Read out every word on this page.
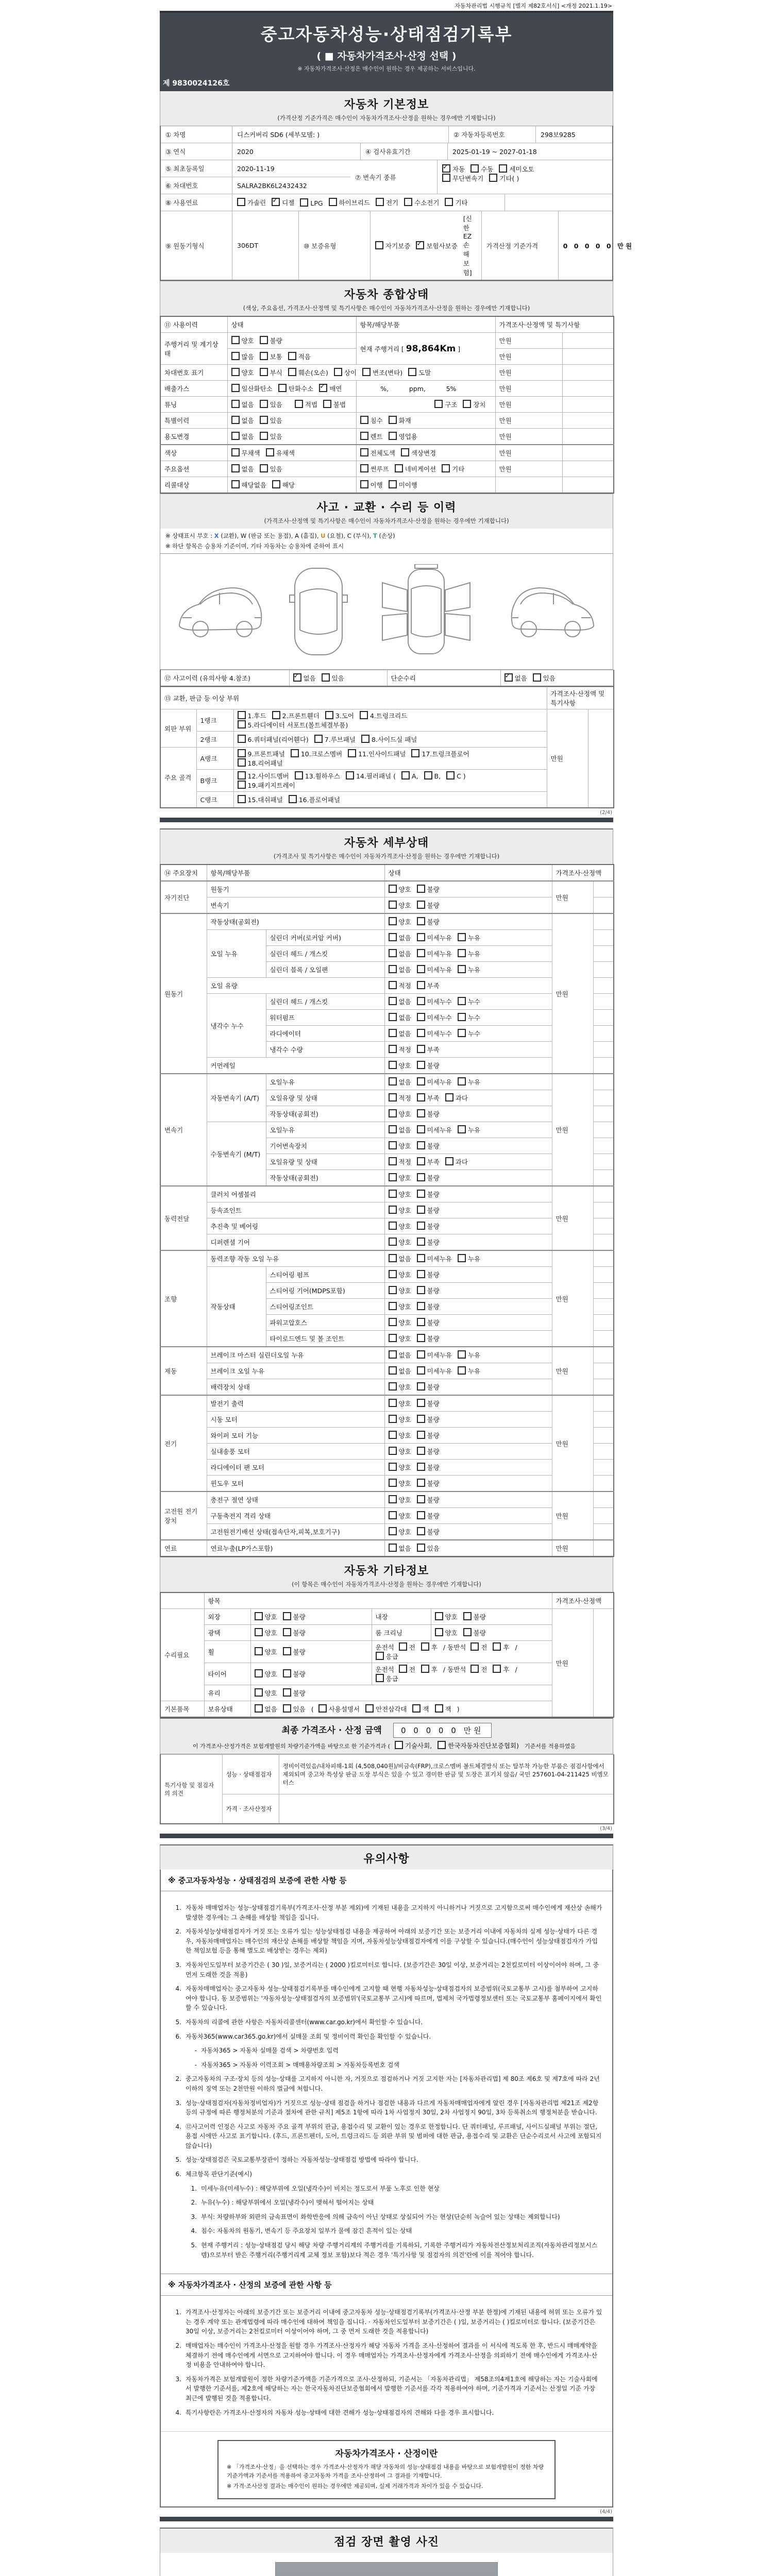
자동차관리법 시행규칙 [별지 제82호서식] <개정 2021.1.19>
중고자동차성능·상태점검기록부
( ■ 자동차가격조사·산정 선택 )
※ 자동차가격조사·산정은 매수인이 원하는 경우 제공하는 서비스입니다.
제 9830024126호
자동차 기본정보
(가격산정 기준가격은 매수인이 자동차가격조사·산정을 원하는 경우에만 기재합니다)
① 차명	디스커버리 SD6 (세부모델: )	② 자동차등록번호	298보9285
③ 연식	2020	④ 검사유효기간	2025-01-19 ~ 2027-01-18
⑤ 최초등록일	2020-11-19
⑥ 차대번호	SALRA2BK6L2432432
⑦ 변속기 종류
✓자동 수동 세미오토
무단변속기 기타( )
⑧ 사용연료	가솔린 ✓	디젤	LPG	하이브리드	전기	수소전기	기타
⑨ 원동기형식	306DT	⑩ 보증유형	자기보증 ✓	보험사보증
[신한EZ손해보험]
가격산정 기준가격	0 0 0 0 0 만원
자동차 종합상태
(색상, 주요옵션, 가격조사·산정액 및 특기사항은 매수인이 자동차가격조사·산정을 원하는 경우에만 기재합니다)
⑪ 사용이력	상태	항목/해당부품	가격조사·산정액 및 특기사항	
주행거리 및 계기상태	양호 불량	현재 주행거리 [ 98,864Km ]	만원	
	많음 보통 적음		만원	
차대번호 표기	양호 부식 훼손(오손) 상이 변조(변타) 도말		만원	
배출가스	일산화탄소 탄화수소 ✓ 매연	%,          ppm,          5%	만원	
튜닝	없음 있음 적법 불법	구조 장치	만원	
특별이력	없음 있음	침수 화재	만원	
용도변경	없음 있음	렌트 영업용	만원	
색상	무채색 유채색	전체도색 색상변경	만원	
주요옵션	없음 있음	썬루프 네비게이션 기타	만원	
리콜대상	해당없음 해당	이행 미이행		
사고 · 교환 · 수리 등 이력
(가격조사·산정액 및 특기사항은 매수인이 자동차가격조사·산정을 원하는 경우에만 기재합니다)
※ 상태표시 부호 : X (교환), W (판금 또는 용접), A (흠집), U (요철), C (부식), T (손상)
※ 하단 항목은 승용차 기준이며, 기타 자동차는 승용차에 준하여 표시
⑫ 사고이력 (유의사항 4.참조)	✓없음 있음	단순수리	✓없음 있음
⑬ 교환, 판금 등 이상 부위			가격조사·산정액 및 특기사항	
외판 부위	1랭크	1.후드 2.프론트휀더 3.도어 4.트렁크리드
5.라디에이터 서포트(볼트체결부품)	만원	
	2랭크	6.쿼터패널(리어휀다) 7.루브패널 8.사이드실 패널		
주요 골격	A랭크	9.프론트패널 10.크로스멤버 11.인사이드패널 17.트렁크플로어
18.리어패널		
	B랭크	12.사이드멤버 13.휠하우스 14.필러패널 ( A, B, C )
19.패키지트레이		
	C랭크	15.대쉬패널 16.플로어패널		
(2/4)
자동차 세부상태
(가격조사 및 특기사항은 매수인이 자동차가격조사·산정을 원하는 경우에만 기재합니다)
⑭ 주요장치	항목/해당부품		상태	가격조사·산정액	
자기진단	원동기		양호 불량	만원	
	변속기		양호 불량		
원동기	작동상태(공회전)		양호 불량	만원	
	오일 누유	실린더 커버(로커암 커버)	없음 미세누유 누유		
		실린더 헤드 / 개스킷	없음 미세누유 누유		
		실린더 블록 / 오일팬	없음 미세누유 누유		
	오일 유량		적정 부족		
	냉각수 누수	실린더 헤드 / 개스킷	없음 미세누수 누수		
		워터펌프	없음 미세누수 누수		
		라디에이터	없음 미세누수 누수		
		냉각수 수량	적정 부족		
	커먼레일		양호 불량		
변속기	자동변속기 (A/T)	오일누유	없음 미세누유 누유	만원	
		오일유량 및 상태	적정 부족 과다		
		작동상태(공회전)	양호 불량		
	수동변속기 (M/T)	오일누유	없음 미세누유 누유		
		기어변속장치	양호 불량		
		오일유량 및 상태	적정 부족 과다		
		작동상태(공회전)	양호 불량		
동력전달	클러치 어셈블리		양호 불량	만원	
	등속죠인트		양호 불량		
	추진축 및 베어링		양호 불량		
	디퍼렌셜 기어		양호 불량		
조향	동력조향 작동 오일 누유		없음 미세누유 누유	만원	
	작동상태	스티어링 펌프	양호 불량		
		스티어링 기어(MDPS포함)	양호 불량		
		스티어링조인트	양호 불량		
		파워고압호스	양호 불량		
		타이로드엔드 및 볼 조인트	양호 불량		
제동	브레이크 마스터 실린더오일 누유		없음 미세누유 누유	만원	
	브레이크 오일 누유		없음 미세누유 누유		
	배력장치 상태		양호 불량		
전기	발전기 출력		양호 불량	만원	
	시동 모터		양호 불량		
	와이퍼 모터 기능		양호 불량		
	실내송풍 모터		양호 불량		
	라디에이터 팬 모터		양호 불량		
	윈도우 모터		양호 불량		
고전원 전기장치	충전구 절연 상태		양호 불량	만원	
	구동축전지 격리 상태		양호 불량		
	고전원전기배선 상태(접속단자,피복,보호기구)		양호 불량		
연료	연료누출(LP가스포함)		없음 있음	만원	
자동차 기타정보
(이 항목은 매수인이 자동차가격조사·산정을 원하는 경우에만 기재합니다)
	항목				가격조사·산정액	
수리필요	외장	양호 불량	내장	양호 불량	만원	
	광택	양호 불량	룸 크리닝	양호 불량		
	휠	양호 불량	운전석 전 후 / 동반석 전 후 /응급			
	타이어	양호 불량	운전석 전 후 / 동반석 전 후 /응급			
	유리	양호 불량				
기본품목	보유상태	없음 있음 ( 사용설명서 안전삼각대 잭 잭 )				
최종 가격조사 · 산정 금액 0 0 0 0 0 만원
이 가격조사·산정가격은 보험개발원의 차량기준가액을 바탕으로 한 기준가격과 ( 기술사회, 한국자동차진단보증협회) 기준서를 적용하였음
특기사항 및 점검자의 의견	성능 · 상태점검자	정비이력있음/내차피해-1회 (4,508,040원)/비금속(FRP),크로스멤버 볼트체결방식 또는 탈부착 가능한 부품은 점검사항에서 제외되며 중고차 특성상 판금 도장 부식은 있을 수 있고 경미한 판금 및 도장은 표기치 않음/ 국민 257601-04-211425 비엠모터스
	가격 · 조사산정자	
(3/4)
유의사항
※ 중고자동차성능 · 상태점검의 보증에 관한 사항 등
1. 자동차 매매업자는 성능·상태점검기록부(가격조사·산정 부분 제외)에 기재된 내용을 고지하지 아니하거나 거짓으로 고지함으로써 매수인에게 재산상 손해가 발생한 경우에는 그 손해를 배상할 책임을 집니다.
2. 자동차성능상태점검자가 거짓 또는 오류가 있는 성능상태점검 내용을 제공하여 아래의 보증기간 또는 보증거리 이내에 자동차의 실제 성능·상태가 다른 경우, 자동차매매업자는 매수인의 재산상 손해를 배상할 책임을 지며, 자동차성능상태점검자에게 이를 구상할 수 있습니다.(매수인이 성능상태점검자가 가입한 책임보험 등을 통해 별도로 배상받는 경우는 제외)
3. 자동차인도일부터 보증기간은 ( 30 )일, 보증거리는 ( 2000 )킬로미터로 합니다. (보증기간은 30일 이상, 보증거리는 2천킬로미터 이상이어야 하며, 그 중 먼저 도래한 것을 적용)
4. 자동차매매업자는 중고자동차 성능·상태점검기록부를 매수인에게 고지할 때 현행 자동차성능·상태점검자의 보증범위(국토교통부 고시)를 첨부하여 고지하여야 합니다. 동 보증범위는 '자동차성능·상태점검자의 보증범위'(국토교통부 고시)에 따르며, 법제처 국가법령정보센터 또는 국토교통부 홈페이지에서 확인할 수 있습니다.
5. 자동차의 리콜에 관한 사항은 자동차리콜센터(www.car.go.kr)에서 확인할 수 있습니다.
6. 자동차365(www.car365.go.kr)에서 실매물 조회 및 정비이력 확인을 확인할 수 있습니다.
- 자동차365 > 자동차 실매물 검색 > 차량번호 입력
- 자동차365 > 자동차 이력조회 > 매매용차량조회 > 자동차등록번호 검색
2. 중고자동차의 구조·장치 등의 성능·상태를 고지하지 아니한 자, 거짓으로 점검하거나 거짓 고지한 자는 [자동차관리법] 제 80조 제6호 및 제7호에 따라 2년 이하의 징역 또는 2천만원 이하의 벌금에 처합니다.
3. 성능·상태점검자(자동차정비업자)가 거짓으로 성능·상태 점검을 하거나 점검한 내용과 다르게 자동차매매업자에게 알린 경우 [자동차관리법 제21조 제2항 등의 규정에 따른 행정처분의 기준과 절차에 관한 규칙] 제5조 1항에 따라 1차 사업정지 30일, 2차 사업정지 90일, 3차 등록취소의 행정처분을 받습니다.
4. ⑫사고이력 인정은 사고로 자동차 주요 골격 부위의 판금, 용접수리 및 교환이 있는 경우로 한정합니다. 단 쿼터패널, 루프패널, 사이드실패널 부위는 절단, 용접 시에만 사고로 표기합니다. (후드, 프론트펜더, 도어, 트렁크리드 등 외판 부위 및 범퍼에 대한 판금, 용접수리 및 교환은 단순수리로서 사고에 포함되지 않습니다)
5. 성능·상태점검은 국토교통부장관이 정하는 자동차성능·상태점검 방법에 따라야 합니다.
6. 체크항목 판단기준(예시)
1. 미세누유(미세누수) : 해당부위에 오일(냉각수)이 비치는 정도로서 부품 노후로 인한 현상
2. 누유(누수) : 해당부위에서 오일(냉각수)이 맺혀서 떨어지는 상태
3. 부식: 차량하부와 외판의 금속표면이 화학반응에 의해 금속이 아닌 상태로 상실되어 가는 현상(단순히 녹슬어 있는 상태는 제외합니다)
4. 침수: 자동차의 원동기, 변속기 등 주요장치 일부가 물에 잠긴 흔적이 있는 상태
5. 현재 주행거리 : 성능·상태점검 당시 해당 차량 주행거리계의 주행거리를 기록하되, 기록한 주행거리가 자동차전산정보처리조직(자동차관리정보시스템)으로부터 받은 주행거리(주행거리계 교체 정보 포함)보다 적은 경우 '특기사항 및 점검자의 의견'란에 이를 적어야 합니다.
※ 자동차가격조사 · 산정의 보증에 관한 사항 등
1. 가격조사·산정자는 아래의 보증기간 또는 보증거리 이내에 중고자동차 성능·상태점검기록부(가격조사·산정 부분 한정)에 기재된 내용에 허위 또는 오류가 있는 경우 계약 또는 관계법령에 따라 매수인에 대하여 책임을 집니다. · 자동차인도일부터 보증기간은 ( )일, 보증거리는 ( )킬로미터로 합니다. (보증기간은 30일 이상, 보증거리는 2천킬로미터 이상이어야 하며, 그 중 먼저 도래한 것을 적용합니다)
2. 매매업자는 매수인이 가격조사·산정을 원할 경우 가격조사·산정자가 해당 자동차 가격을 조사·산정하여 결과를 이 서식에 적도록 한 후, 반드시 매매계약을 체결하기 전에 매수인에게 서면으로 고지하여야 합니다. 이 경우 매매업자는 가격조사·산정자에게 가격조사·산정을 의뢰하기 전에 매수인에게 가격조사·산정 비용을 안내하여야 합니다.
3. 자동차가격은 보험개발원이 정한 차량기준가액을 기준가격으로 조사·산정하되, 기준서는 「자동차관리법」 제58조의4제1호에 해당하는 자는 기술사회에서 발행한 기준서를, 제2호에 해당하는 자는 한국자동차진단보증협회에서 발행한 기준서를 각각 적용하여야 하며, 기준가격과 기준서는 산정일 기준 가장 최근에 발행된 것을 적용합니다.
4. 특기사항란은 가격조사·산정자의 자동차 성능·상태에 대한 견해가 성능·상태점검자의 견해와 다를 경우 표시합니다.
자동차가격조사 · 산정이란
※ 「가격조사·산정」을 선택하는 경우 가격조사·산정자가 해당 자동차의 성능·상태점검 내용을 바탕으로 보험개발원이 정한 차량기준가액과 기준서를 적용하여 중고자동차 가격을 조사·산정하여 그 결과를 기재합니다.
※ 가격·조사산정 결과는 매수인이 원하는 경우에만 제공되며, 실제 거래가격과 차이가 있을 수 있습니다.
(4/4)
점검 장면 촬영 사진
